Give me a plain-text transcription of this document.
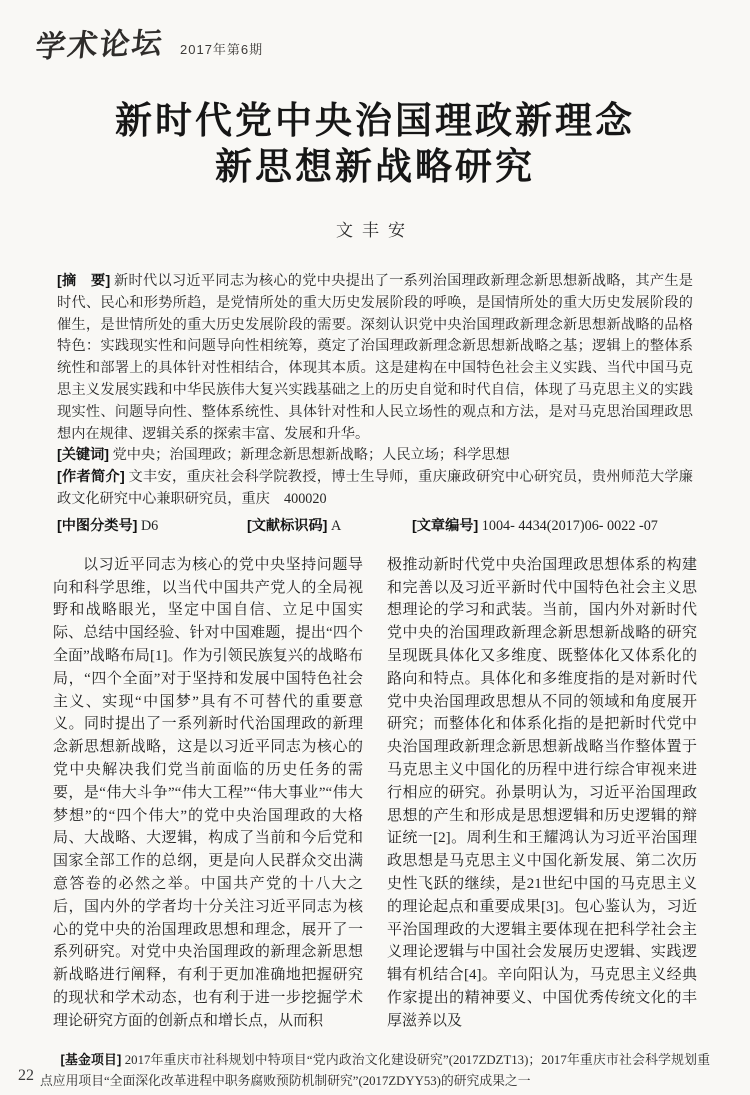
学术论坛 2017年第6期
新时代党中央治国理政新理念
新思想新战略研究
文丰安

[摘　要] 新时代以习近平同志为核心的党中央提出了一系列治国理政新理念新思想新战略，其产生是时代、民心和形势所趋，是党情所处的重大历史发展阶段的呼唤，是国情所处的重大历史发展阶段的催生，是世情所处的重大历史发展阶段的需要。深刻认识党中央治国理政新理念新思想新战略的品格特色：实践现实性和问题导向性相统筹，奠定了治国理政新理念新思想新战略之基；逻辑上的整体系统性和部署上的具体针对性相结合，体现其本质。这是建构在中国特色社会主义实践、当代中国马克思主义发展实践和中华民族伟大复兴实践基础之上的历史自觉和时代自信，体现了马克思主义的实践现实性、问题导向性、整体系统性、具体针对性和人民立场性的观点和方法，是对马克思治国理政思想内在规律、逻辑关系的探索丰富、发展和升华。

[关键词] 党中央；治国理政；新理念新思想新战略；人民立场；科学思想

[作者简介] 文丰安，重庆社会科学院教授，博士生导师，重庆廉政研究中心研究员，贵州师范大学廉政文化研究中心兼职研究员，重庆　400020

[中图分类号] D6	[文献标识码] A	[文章编号] 1004- 4434(2017)06- 0022 -07

以习近平同志为核心的党中央坚持问题导向和科学思维，以当代中国共产党人的全局视野和战略眼光，坚定中国自信、立足中国实际、总结中国经验、针对中国难题，提出“四个全面”战略布局[1]。作为引领民族复兴的战略布局，“四个全面”对于坚持和发展中国特色社会主义、实现“中国梦”具有不可替代的重要意义。同时提出了一系列新时代治国理政的新理念新思想新战略，这是以习近平同志为核心的党中央解决我们党当前面临的历史任务的需要，是“伟大斗争”“伟大工程”“伟大事业”“伟大梦想”的“四个伟大”的党中央治国理政的大格局、大战略、大逻辑，构成了当前和今后党和国家全部工作的总纲，更是向人民群众交出满意答卷的必然之举。中国共产党的十八大之后，国内外的学者均十分关注习近平同志为核心的党中央的治国理政思想和理念，展开了一系列研究。对党中央治国理政的新理念新思想新战略进行阐释，有利于更加准确地把握研究的现状和学术动态，也有利于进一步挖掘学术理论研究方面的创新点和增长点，从而积

极推动新时代党中央治国理政思想体系的构建和完善以及习近平新时代中国特色社会主义思想理论的学习和武装。当前，国内外对新时代党中央的治国理政新理念新思想新战略的研究呈现既具体化又多维度、既整体化又体系化的路向和特点。具体化和多维度指的是对新时代党中央治国理政思想从不同的领域和角度展开研究；而整体化和体系化指的是把新时代党中央治国理政新理念新思想新战略当作整体置于马克思主义中国化的历程中进行综合审视来进行相应的研究。孙景明认为，习近平治国理政思想的产生和形成是思想逻辑和历史逻辑的辩证统一[2]。周利生和王耀鸿认为习近平治国理政思想是马克思主义中国化新发展、第二次历史性飞跃的继续，是21世纪中国的马克思主义的理论起点和重要成果[3]。包心鉴认为，习近平治国理政的大逻辑主要体现在把科学社会主义理论逻辑与中国社会发展历史逻辑、实践逻辑有机结合[4]。辛向阳认为，马克思主义经典作家提出的精神要义、中国优秀传统文化的丰厚滋养以及

[基金项目] 2017年重庆市社科规划中特项目“党内政治文化建设研究”(2017ZDZT13)；2017年重庆市社会科学规划重点应用项目“全面深化改革进程中职务腐败预防机制研究”(2017ZDYY53)的研究成果之一
22
